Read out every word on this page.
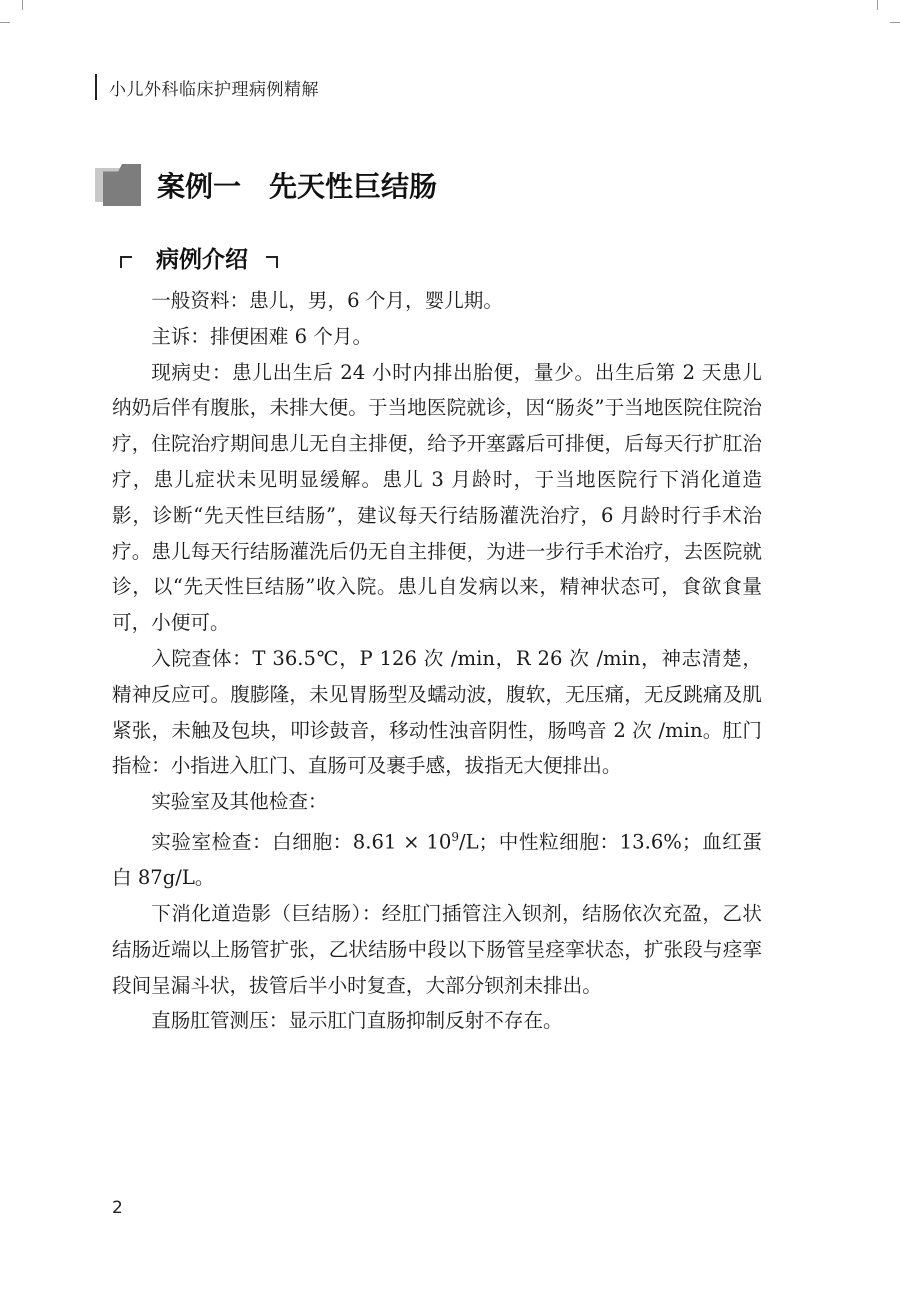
小儿外科临床护理病例精解
案例一 先天性巨结肠
病例介绍

一般资料：患儿，男，6 个月，婴儿期。

主诉：排便困难 6 个月。

现病史：患儿出生后 24 小时内排出胎便，量少。出生后第 2 天患儿纳奶后伴有腹胀，未排大便。于当地医院就诊，因“肠炎”于当地医院住院治疗，住院治疗期间患儿无自主排便，给予开塞露后可排便，后每天行扩肛治疗，患儿症状未见明显缓解。患儿 3 月龄时，于当地医院行下消化道造影，诊断“先天性巨结肠”，建议每天行结肠灌洗治疗，6 月龄时行手术治疗。患儿每天行结肠灌洗后仍无自主排便，为进一步行手术治疗，去医院就诊，以“先天性巨结肠”收入院。患儿自发病以来，精神状态可，食欲食量可，小便可。

入院查体：T 36.5℃，P 126 次 /min，R 26 次 /min，神志清楚，精神反应可。腹膨隆，未见胃肠型及蠕动波，腹软，无压痛，无反跳痛及肌紧张，未触及包块，叩诊鼓音，移动性浊音阴性，肠鸣音 2 次 /min。肛门指检：小指进入肛门、直肠可及裹手感，拔指无大便排出。

实验室及其他检查：

实验室检查：白细胞：$8.61 \times 10^9/L$；中性粒细胞：13.6%；血红蛋白 87g/L。

下消化道造影（巨结肠）：经肛门插管注入钡剂，结肠依次充盈，乙状结肠近端以上肠管扩张，乙状结肠中段以下肠管呈痉挛状态，扩张段与痉挛段间呈漏斗状，拔管后半小时复查，大部分钡剂未排出。

直肠肛管测压：显示肛门直肠抑制反射不存在。

2
